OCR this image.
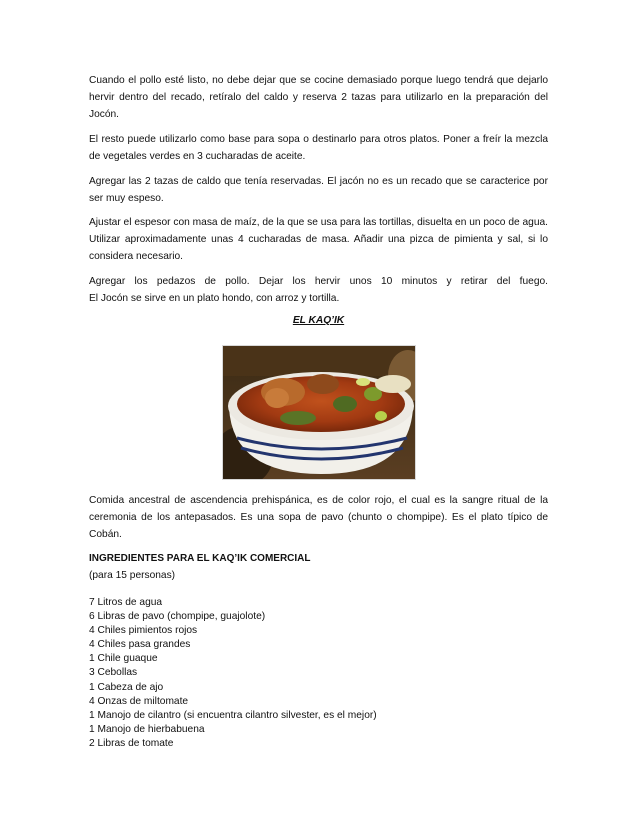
Cuando el pollo esté listo, no debe dejar que se cocine demasiado porque luego tendrá que dejarlo hervir dentro del recado, retíralo del caldo y reserva 2 tazas para utilizarlo en la preparación del Jocón.

El resto puede utilizarlo como base para sopa o destinarlo para otros platos. Poner a freír la mezcla de vegetales verdes en 3 cucharadas de aceite.

Agregar las 2 tazas de caldo que tenía reservadas. El jacón no es un recado que se caracterice por ser muy espeso.

Ajustar el espesor con masa de maíz, de la que se usa para las tortillas, disuelta en un poco de agua. Utilizar aproximadamente unas 4 cucharadas de masa. Añadir una pizca de pimienta y sal, si lo considera necesario.

Agregar los pedazos de pollo. Dejar los hervir unos 10 minutos y retirar del fuego.

El Jocón se sirve en un plato hondo, con arroz y tortilla.

EL KAQ’IK

Comida ancestral de ascendencia prehispánica, es de color rojo, el cual es la sangre ritual de la ceremonia de los antepasados. Es una sopa de pavo (chunto o chompipe). Es el plato típico de Cobán.

INGREDIENTES PARA EL KAQ’IK COMERCIAL
(para 15 personas)
7 Litros de agua
6 Libras de pavo (chompipe, guajolote)
4 Chiles pimientos rojos
4 Chiles pasa grandes
1 Chile guaque
3 Cebollas
1 Cabeza de ajo
4 Onzas de miltomate
1 Manojo de cilantro (si encuentra cilantro silvester, es el mejor)
1 Manojo de hierbabuena
2 Libras de tomate
